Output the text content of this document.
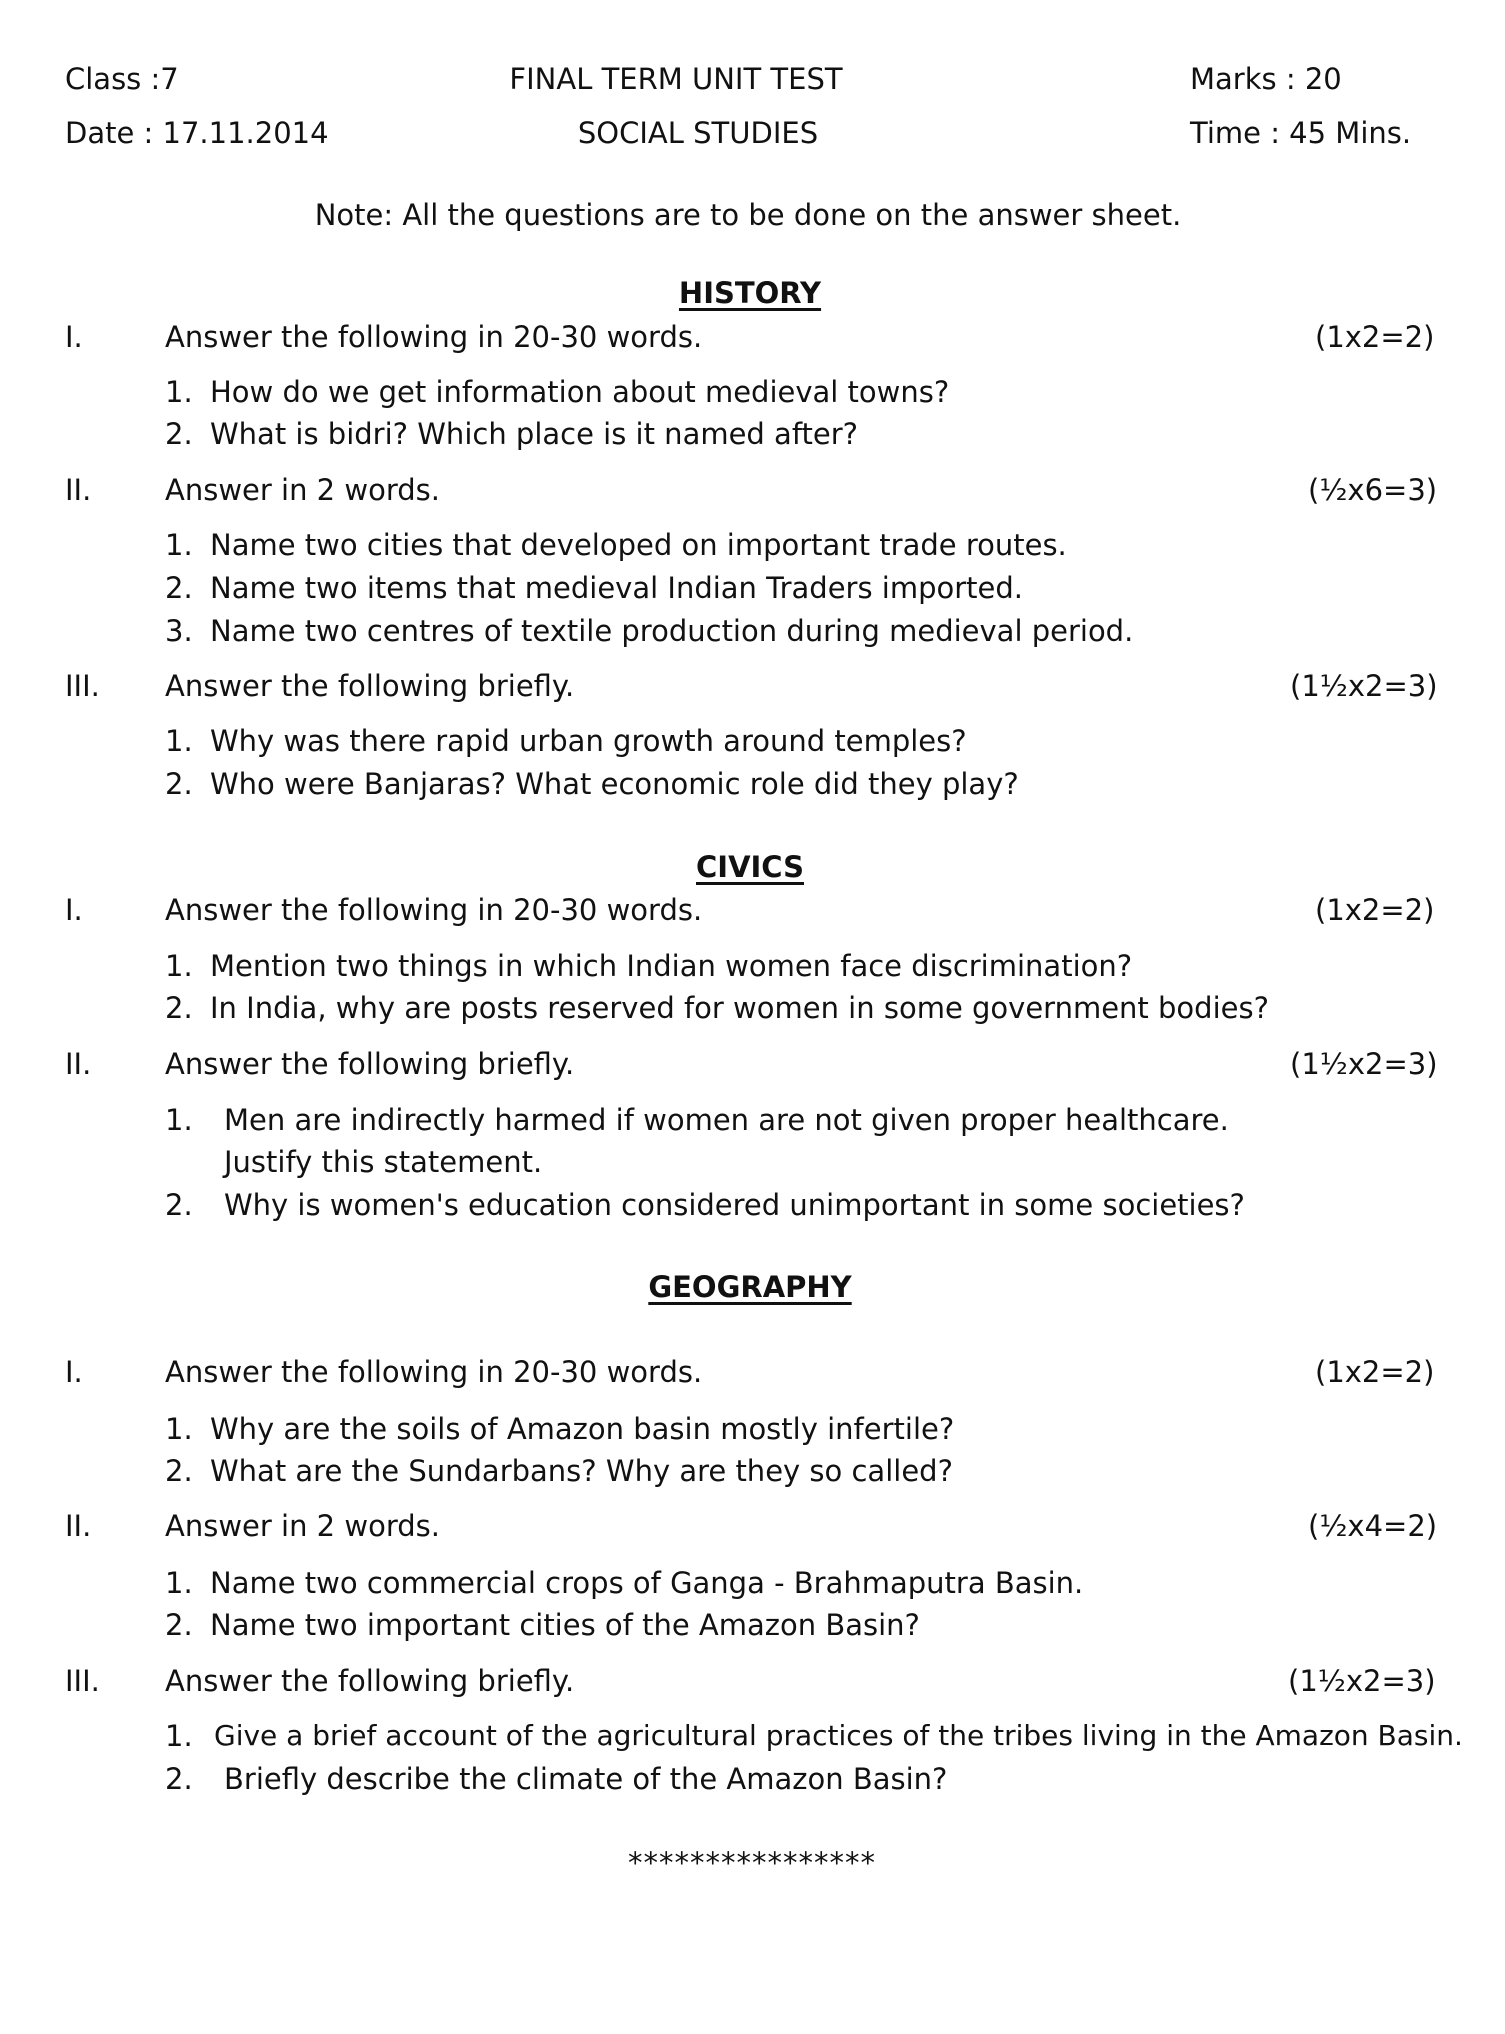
Class :7	FINAL TERM UNIT TEST	Marks : 20
Date : 17.11.2014	SOCIAL STUDIES	Time : 45 Mins.
Note: All the questions are to be done on the answer sheet.
HISTORY
I.	Answer the following in 20-30 words.	(1x2=2)
1. How do we get information about medieval towns?
2. What is bidri? Which place is it named after?
II.	Answer in 2 words.	(½x6=3)
1. Name two cities that developed on important trade routes.
2. Name two items that medieval Indian Traders imported.
3. Name two centres of textile production during medieval period.
III. Answer the following briefly.	(1½x2=3)
1. Why was there rapid urban growth around temples?
2. Who were Banjaras? What economic role did they play?
CIVICS
I.	Answer the following in 20-30 words.	(1x2=2)
1. Mention two things in which Indian women face discrimination?
2. In India, why are posts reserved for women in some government bodies?
II.	Answer the following briefly.	(1½x2=3)
1. Men are indirectly harmed if women are not given proper healthcare.
Justify this statement.
2. Why is women's education considered unimportant in some societies?
GEOGRAPHY
I.	Answer the following in 20-30 words.	(1x2=2)
1. Why are the soils of Amazon basin mostly infertile?
2. What are the Sundarbans? Why are they so called?
II.	Answer in 2 words.	(½x4=2)
1. Name two commercial crops of Ganga - Brahmaputra Basin.
2. Name two important cities of the Amazon Basin?
III. Answer the following briefly.	(1½x2=3)
1. Give a brief account of the agricultural practices of the tribes living in the Amazon Basin.
2. Briefly describe the climate of the Amazon Basin?
****************
